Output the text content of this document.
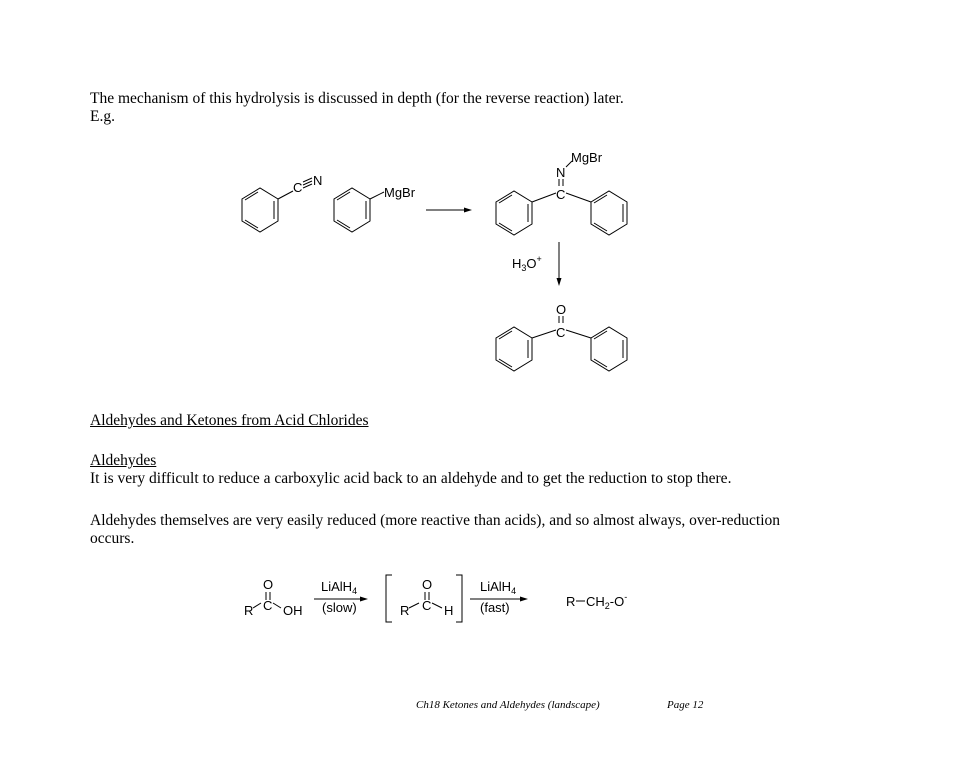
The mechanism of this hydrolysis is discussed in depth (for the reverse reaction) later.
E.g.
C N
MgBr
MgBr
N
C
$H_3O^+$
O
C
Aldehydes and Ketones from Acid Chlorides
Aldehydes
It is very difficult to reduce a carboxylic acid back to an aldehyde and to get the reduction to stop there.
Aldehydes themselves are very easily reduced (more reactive than acids), and so almost always, over-reduction
occurs.
O
R C OH
LiAlH$_4$
(slow)
O
R C H
LiAlH$_4$
(fast)	R $CH_2-O^-$
Ch18 Ketones and Aldehydes (landscape)	Page 12
